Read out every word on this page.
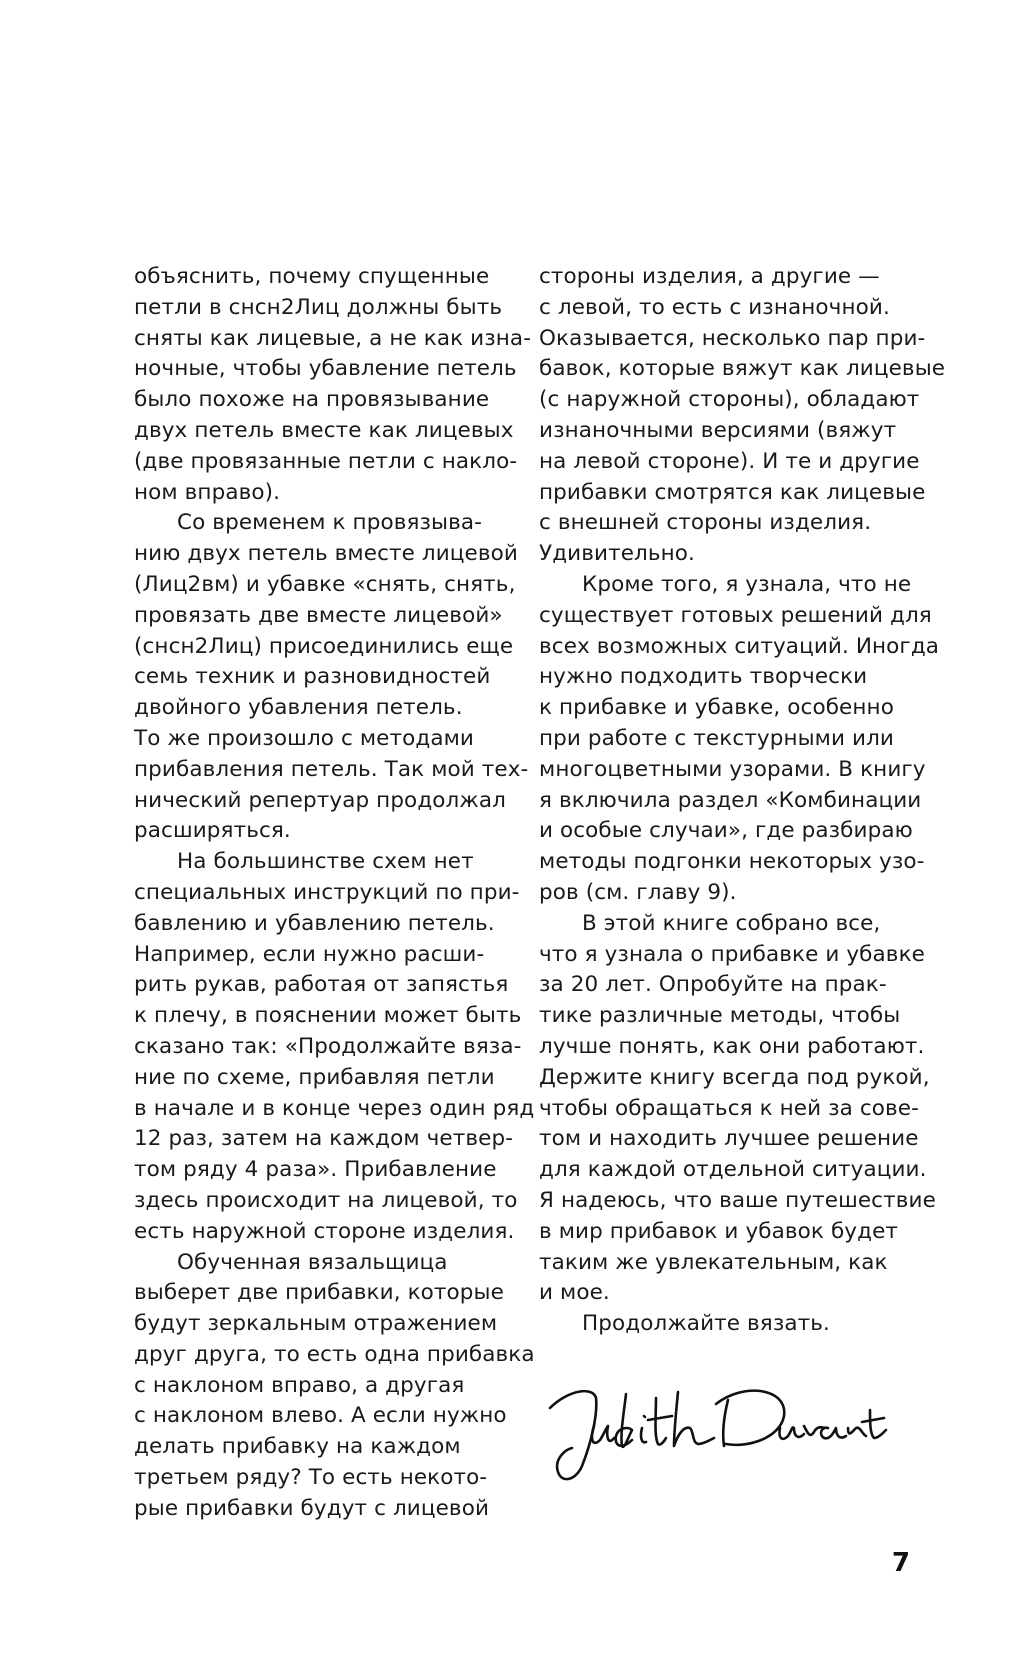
объяснить, почему спущенные
петли в снсн2Лиц должны быть
сняты как лицевые, а не как изна-
ночные, чтобы убавление петель
было похоже на провязывание
двух петель вместе как лицевых
(две провязанные петли с накло-
ном вправо).
Со временем к провязыва-
нию двух петель вместе лицевой
(Лиц2вм) и убавке «снять, снять,
провязать две вместе лицевой»
(снсн2Лиц) присоединились еще
семь техник и разновидностей
двойного убавления петель.
То же произошло с методами
прибавления петель. Так мой тех-
нический репертуар продолжал
расширяться.
На большинстве схем нет
специальных инструкций по при-
бавлению и убавлению петель.
Например, если нужно расши-
рить рукав, работая от запястья
к плечу, в пояснении может быть
сказано так: «Продолжайте вяза-
ние по схеме, прибавляя петли
в начале и в конце через один ряд
12 раз, затем на каждом четвер-
том ряду 4 раза». Прибавление
здесь происходит на лицевой, то
есть наружной стороне изделия.
Обученная вязальщица
выберет две прибавки, которые
будут зеркальным отражением
друг друга, то есть одна прибавка
с наклоном вправо, а другая
с наклоном влево. А если нужно
делать прибавку на каждом
третьем ряду? То есть некото-
рые прибавки будут с лицевой
стороны изделия, а другие —
с левой, то есть с изнаночной.
Оказывается, несколько пар при-
бавок, которые вяжут как лицевые
(с наружной стороны), обладают
изнаночными версиями (вяжут
на левой стороне). И те и другие
прибавки смотрятся как лицевые
с внешней стороны изделия.
Удивительно.
Кроме того, я узнала, что не
существует готовых решений для
всех возможных ситуаций. Иногда
нужно подходить творчески
к прибавке и убавке, особенно
при работе с текстурными или
многоцветными узорами. В книгу
я включила раздел «Комбинации
и особые случаи», где разбираю
методы подгонки некоторых узо-
ров (см. главу 9).
В этой книге собрано все,
что я узнала о прибавке и убавке
за 20 лет. Опробуйте на прак-
тике различные методы, чтобы
лучше понять, как они работают.
Держите книгу всегда под рукой,
чтобы обращаться к ней за сове-
том и находить лучшее решение
для каждой отдельной ситуации.
Я надеюсь, что ваше путешествие
в мир прибавок и убавок будет
таким же увлекательным, как
и мое.
Продолжайте вязать.
7
